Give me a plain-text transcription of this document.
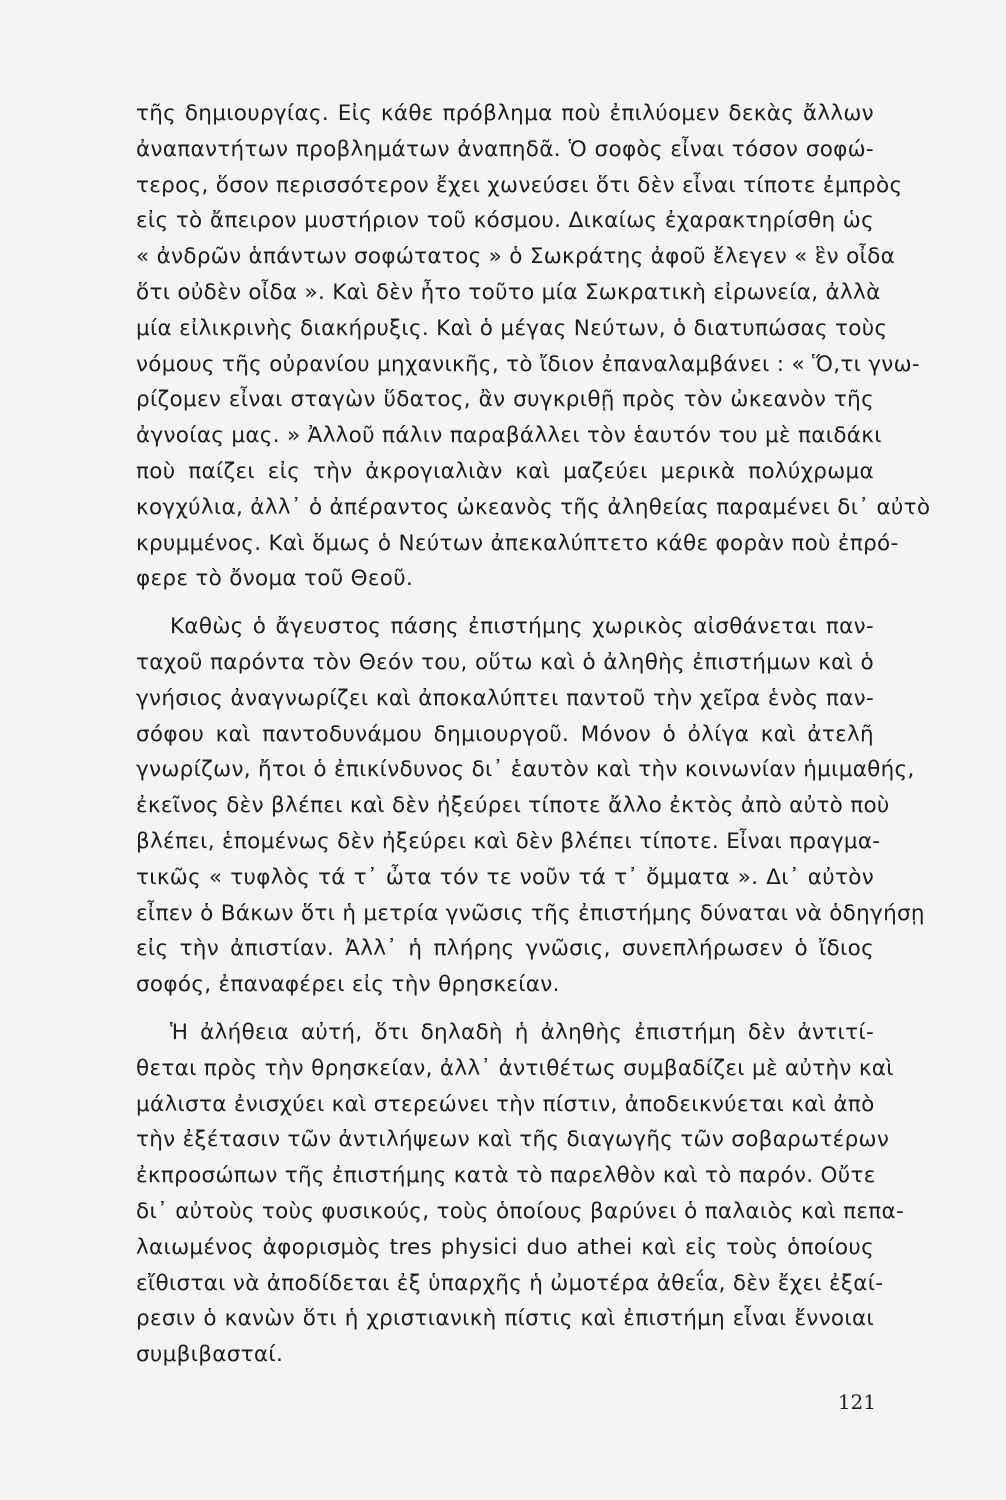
τῆς δημιουργίας. Εἰς κάθε πρόβλημα ποὺ ἐπιλύομεν δεκὰς ἄλλων
ἀναπαντήτων προβλημάτων ἀναπηδᾶ. Ὁ σοφὸς εἶναι τόσον σοφώ-
τερος, ὅσον περισσότερον ἔχει χωνεύσει ὅτι δὲν εἶναι τίποτε ἐμπρὸς
εἰς τὸ ἄπειρον μυστήριον τοῦ κόσμου. Δικαίως ἐχαρακτηρίσθη ὡς
« ἀνδρῶν ἁπάντων σοφώτατος » ὁ Σωκράτης ἀφοῦ ἔλεγεν « ἓν οἶδα
ὅτι οὐδὲν οἶδα ». Καὶ δὲν ἦτο τοῦτο μία Σωκρατικὴ εἰρωνεία, ἀλλὰ
μία εἰλικρινὴς διακήρυξις. Καὶ ὁ μέγας Νεύτων, ὁ διατυπώσας τοὺς
νόμους τῆς οὐρανίου μηχανικῆς, τὸ ἴδιον ἐπαναλαμβάνει : « Ὅ,τι γνω-
ρίζομεν εἶναι σταγὼν ὕδατος, ἂν συγκριθῇ πρὸς τὸν ὠκεανὸν τῆς
ἀγνοίας μας. » Ἀλλοῦ πάλιν παραβάλλει τὸν ἑαυτόν του μὲ παιδάκι
ποὺ παίζει εἰς τὴν ἀκρογιαλιὰν καὶ μαζεύει μερικὰ πολύχρωμα
κογχύλια, ἀλλ᾽ ὁ ἀπέραντος ὠκεανὸς τῆς ἀληθείας παραμένει δι᾽ αὐτὸ
κρυμμένος. Καὶ ὅμως ὁ Νεύτων ἀπεκαλύπτετο κάθε φορὰν ποὺ ἐπρό-
φερε τὸ ὄνομα τοῦ Θεοῦ.
Καθὼς ὁ ἄγευστος πάσης ἐπιστήμης χωρικὸς αἰσθάνεται παν-
ταχοῦ παρόντα τὸν Θεόν του, οὕτω καὶ ὁ ἀληθὴς ἐπιστήμων καὶ ὁ
γνήσιος ἀναγνωρίζει καὶ ἀποκαλύπτει παντοῦ τὴν χεῖρα ἑνὸς παν-
σόφου καὶ παντοδυνάμου δημιουργοῦ. Μόνον ὁ ὀλίγα καὶ ἀτελῆ
γνωρίζων, ἤτοι ὁ ἐπικίνδυνος δι᾽ ἑαυτὸν καὶ τὴν κοινωνίαν ἡμιμαθής,
ἐκεῖνος δὲν βλέπει καὶ δὲν ἠξεύρει τίποτε ἄλλο ἐκτὸς ἀπὸ αὐτὸ ποὺ
βλέπει, ἑπομένως δὲν ἠξεύρει καὶ δὲν βλέπει τίποτε. Εἶναι πραγμα-
τικῶς « τυφλὸς τά τ᾽ ὦτα τόν τε νοῦν τά τ᾽ ὄμματα ». Δι᾽ αὐτὸν
εἶπεν ὁ Βάκων ὅτι ἡ μετρία γνῶσις τῆς ἐπιστήμης δύναται νὰ ὁδηγήσῃ
εἰς τὴν ἀπιστίαν. Ἀλλ᾽ ἡ πλήρης γνῶσις, συνεπλήρωσεν ὁ ἴδιος
σοφός, ἐπαναφέρει εἰς τὴν θρησκείαν.
Ἡ ἀλήθεια αὐτή, ὅτι δηλαδὴ ἡ ἀληθὴς ἐπιστήμη δὲν ἀντιτί-
θεται πρὸς τὴν θρησκείαν, ἀλλ᾽ ἀντιθέτως συμβαδίζει μὲ αὐτὴν καὶ
μάλιστα ἐνισχύει καὶ στερεώνει τὴν πίστιν, ἀποδεικνύεται καὶ ἀπὸ
τὴν ἐξέτασιν τῶν ἀντιλήψεων καὶ τῆς διαγωγῆς τῶν σοβαρωτέρων
ἐκπροσώπων τῆς ἐπιστήμης κατὰ τὸ παρελθὸν καὶ τὸ παρόν. Οὔτε
δι᾽ αὐτοὺς τοὺς φυσικούς, τοὺς ὁποίους βαρύνει ὁ παλαιὸς καὶ πεπα-
λαιωμένος ἀφορισμὸς tres physici duo athei καὶ εἰς τοὺς ὁποίους
εἴθισται νὰ ἀποδίδεται ἐξ ὑπαρχῆς ἡ ὠμοτέρα ἀθεΐα, δὲν ἔχει ἐξαί-
ρεσιν ὁ κανὼν ὅτι ἡ χριστιανικὴ πίστις καὶ ἐπιστήμη εἶναι ἔννοιαι
συμβιβασταί.
121
